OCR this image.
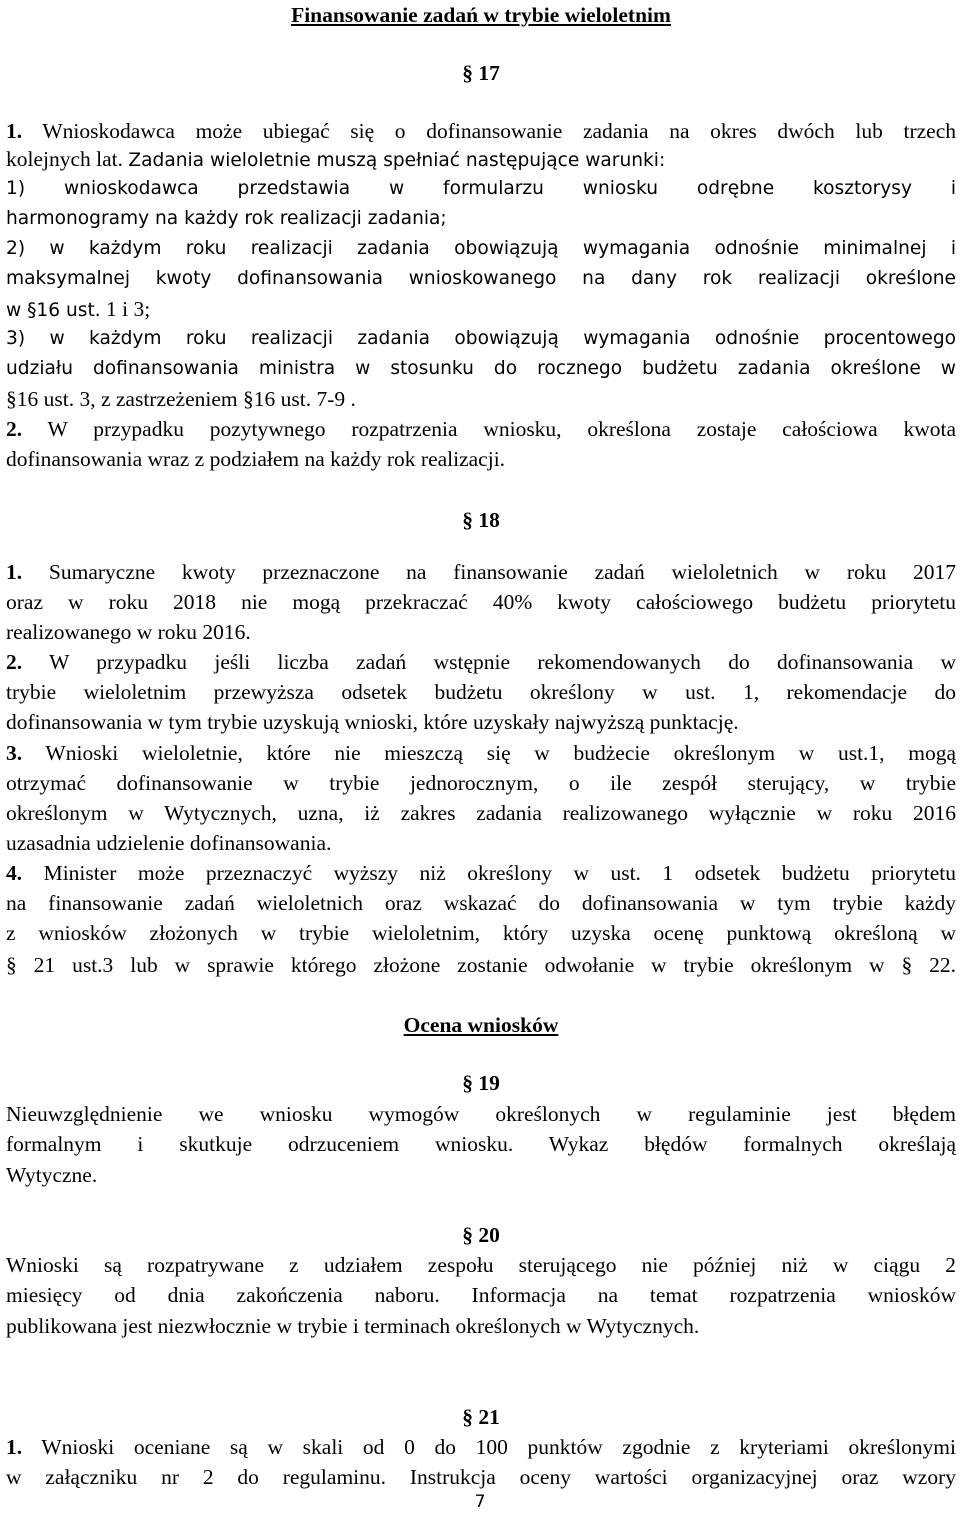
Finansowanie zadań w trybie wieloletnim
§ 17
1. Wnioskodawca może ubiegać się o dofinansowanie zadania na okres dwóch lub trzech
kolejnych lat. Zadania wieloletnie muszą spełniać następujące warunki:
1) wnioskodawca przedstawia w formularzu wniosku odrębne kosztorysy i
harmonogramy na każdy rok realizacji zadania;
2) w każdym roku realizacji zadania obowiązują wymagania odnośnie minimalnej i
maksymalnej kwoty dofinansowania wnioskowanego na dany rok realizacji określone
w §16 ust. 1 i 3;
3) w każdym roku realizacji zadania obowiązują wymagania odnośnie procentowego
udziału dofinansowania ministra w stosunku do rocznego budżetu zadania określone w
§16 ust. 3, z zastrzeżeniem §16 ust. 7-9 .
2. W przypadku pozytywnego rozpatrzenia wniosku, określona zostaje całościowa kwota
dofinansowania wraz z podziałem na każdy rok realizacji.
§ 18
1. Sumaryczne kwoty przeznaczone na finansowanie zadań wieloletnich w roku 2017
oraz w roku 2018 nie mogą przekraczać 40% kwoty całościowego budżetu priorytetu
realizowanego w roku 2016.
2. W przypadku jeśli liczba zadań wstępnie rekomendowanych do dofinansowania w
trybie wieloletnim przewyższa odsetek budżetu określony w ust. 1, rekomendacje do
dofinansowania w tym trybie uzyskują wnioski, które uzyskały najwyższą punktację.
3. Wnioski wieloletnie, które nie mieszczą się w budżecie określonym w ust.1, mogą
otrzymać dofinansowanie w trybie jednorocznym, o ile zespół sterujący, w trybie
określonym w Wytycznych, uzna, iż zakres zadania realizowanego wyłącznie w roku 2016
uzasadnia udzielenie dofinansowania.
4. Minister może przeznaczyć wyższy niż określony w ust. 1 odsetek budżetu priorytetu
na finansowanie zadań wieloletnich oraz wskazać do dofinansowania w tym trybie każdy
z wniosków złożonych w trybie wieloletnim, który uzyska ocenę punktową określoną w
§ 21 ust.3 lub w sprawie którego złożone zostanie odwołanie w trybie określonym w § 22.
Ocena wniosków
§ 19
Nieuwzględnienie we wniosku wymogów określonych w regulaminie jest błędem
formalnym i skutkuje odrzuceniem wniosku. Wykaz błędów formalnych określają
Wytyczne.
§ 20
Wnioski są rozpatrywane z udziałem zespołu sterującego nie później niż w ciągu 2
miesięcy od dnia zakończenia naboru. Informacja na temat rozpatrzenia wniosków
publikowana jest niezwłocznie w trybie i terminach określonych w Wytycznych.
§ 21
1. Wnioski oceniane są w skali od 0 do 100 punktów zgodnie z kryteriami określonymi
w załączniku nr 2 do regulaminu. Instrukcja oceny wartości organizacyjnej oraz wzory
7
